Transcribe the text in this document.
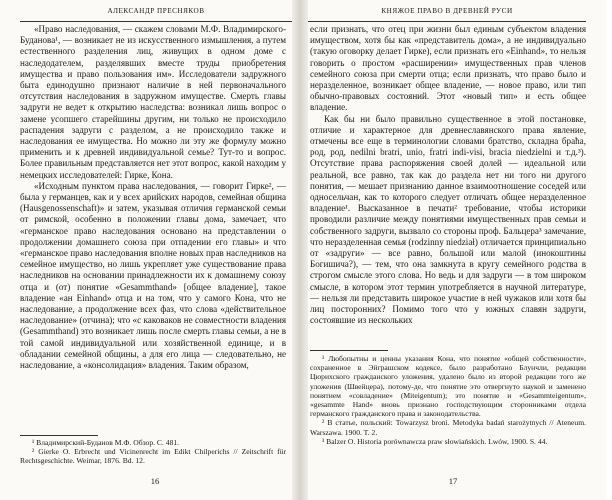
АЛЕКСАНДР ПРЕСНЯКОВ

«Право наследования, — скажем словами М.Ф. Владимирского-Буданова¹, — возникает не из искусственного измышления, а путем естественного разделения лиц, живущих в одном доме с наследодателем, разделявших вместе труды приобретения имущества и право пользования им». Исследователи задружного быта единодушно признают наличие в ней первоначального отсутствия наследования в задружном имуществе. Смерть главы задруги не ведет к открытию наследства: возникал лишь вопрос о замене усопшего старейшины другим, ни только не происходило распадения задруги с разделом, а не происходило также и наследования ее имущества. Но можно ли эту же формулу можно применить и к древней индивидуальной семье? Тут-то и вопрос. Более правильным представляется нет этот вопрос, какой находим у немецких исследователей: Гирке, Кона.

«Исходным пунктом права наследования, — говорит Гирке², — была у германцев, как и у всех арийских народов, семейная община (Hausgenossenschaft)» и затем, указывая отличия германской семьи от римской, особенно в положении главы дома, замечает, что «германское право наследования основано на представлении о продолжении домашнего союза при отпадении его главы» и что «германское право наследования вполне новых прав наследников на семейное имущество, но лишь укрепляет уже существование права наследников на основании принадлежности их к домашнему союзу отца и (от) понятие «Gesammthand» [общее владение], такое владение «ан Einhand» отца и на том, что у самого Кона, что не наследование, а продолжение всех фаз, что слова «действительное наследование» (отчина); что «с каковаков не совместности владения (Gesammthand) это возникает лишь после смерть главы семьи, а не в той самой индивидуальной или хозяйственной единице, и в обладании семейной общины, а для его лица — следовательно, не наследование, а «консолидация» владения. Таким образом,

¹ Владимирский-Буданов М.Ф. Обзор. С. 481.

² Gierke O. Erbrecht und Vicinenrecht im Edikt Chilperichs // Zeitschrift für Rechtsgeschichte. Weimar, 1876. Bd. 12.

16
КНЯЖОЕ ПРАВО В ДРЕВНЕЙ РУСИ

если признать, что отец при жизни был единым субъектом владения имуществом, хотя бы как «представитель дома», а не индивидуально (такую оговорку делает Гирке), если признать его «Einhand», то нельзя говорить о простом «расширении» имущественных прав членов семейного союза при смерти отца; если признать, что право было и неразделенное, возникает общее владение, — новое право, или тип обычно-правовых состояний. Этот «новый тип» и есть общее владение.

Как бы ни было правильно существенное в этой постановке, отличие и характерное для древнеславянского права явление, отмечены все еще в терминологии словами братство, складна браћа, род, род, nedilni bratri, unio, fratri indi-visi, bracia niedzielni и т.д.³). Отсутствие права распоряжения своей долей — идеальной или реальной, все равно, так как до раздела нет ни того ни другого понятия, — мешает признанию данное взаимоотношение соседей или односельчан, как то которого следует отличать общее неразделенное владение¹. Высказанное в печати² требование, чтобы историки проводили различие между понятиями имущественных прав семьи и собственного задруги, вызвало со стороны проф. Бальцера³ замечание, что неразделенная семья (rodzinny niedział) отличается принципиально от «задруги» — все равно, большой или малой (инокоштины Богишича?), — тем, что она замкнута в кругу семейного родства в строгом смысле этого слова. Но ведь и для задруги — в том широком смысле, в котором этот термин употребляется в научной литературе, — нельзя ли представить широкое участие в ней чужаков или хотя бы лиц посторонних? Помимо того что у южных славян задруги, состоявшие из нескольких

¹ Любопытны и ценны указания Кона, что понятие «общей собственности», сохраненное в Эйграшском кодексе, было разработано Блунчли, редакции Цюрихского гражданского уложения, удалено было из второй редакции того же уложения (Швейцера), потому-де, что понятие это отвергнуто наукой и заменено понятием «совладение» (Miteigentum); это понятие и «Gesammteigentum», «gesammte Hand» вновь признано господствующим сторонниками отдела германского гражданского права и законодательства.

² В статье, польский: Towarzysz broni. Metodyka badań starożytnych // Ateneum. Warszawa. 1900. T. 2.

³ Balzer O. Historia porównawcza praw słowiańskich. Lwów, 1900. S. 44.

17
